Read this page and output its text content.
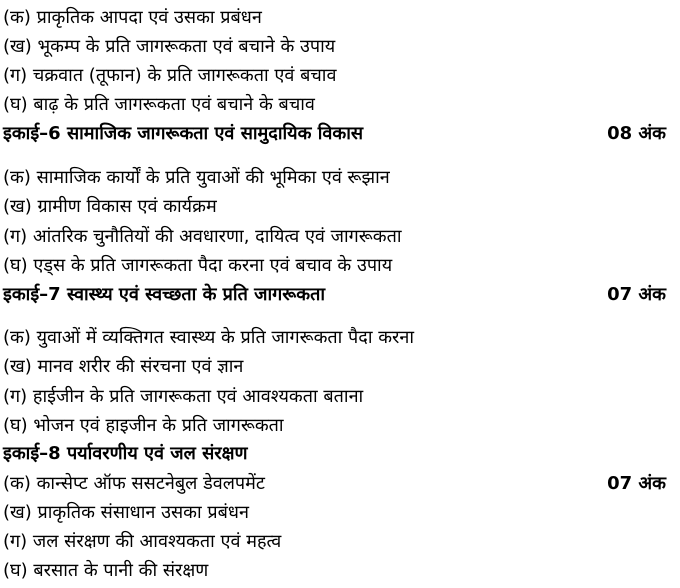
(क) प्राकृतिक आपदा एवं उसका प्रबंधन
(ख) भूकम्प के प्रति जागरूकता एवं बचाने के उपाय
(ग) चक्रवात (तूफान) के प्रति जागरूकता एवं बचाव
(घ) बाढ़ के प्रति जागरूकता एवं बचाने के बचाव
इकाई–6 सामाजिक जागरूकता एवं सामुदायिक विकास	08 अंक
(क) सामाजिक कार्यों के प्रति युवाओं की भूमिका एवं रूझान
(ख) ग्रामीण विकास एवं कार्यक्रम
(ग) आंतरिक चुनौतियों की अवधारणा, दायित्व एवं जागरूकता
(घ) एड्स के प्रति जागरूकता पैदा करना एवं बचाव के उपाय
इकाई–7 स्वास्थ्य एवं स्वच्छता के प्रति जागरूकता	07 अंक
(क) युवाओं में व्यक्तिगत स्वास्थ्य के प्रति जागरूकता पैदा करना
(ख) मानव शरीर की संरचना एवं ज्ञान
(ग) हाईजीन के प्रति जागरूकता एवं आवश्यकता बताना
(घ) भोजन एवं हाइजीन के प्रति जागरूकता
इकाई–8 पर्यावरणीय एवं जल संरक्षण
(क) कान्सेप्ट ऑफ ससटनेबुल डेवलपमेंट	07 अंक
(ख) प्राकृतिक संसाधान उसका प्रबंधन
(ग) जल संरक्षण की आवश्यकता एवं महत्व
(घ) बरसात के पानी की संरक्षण
